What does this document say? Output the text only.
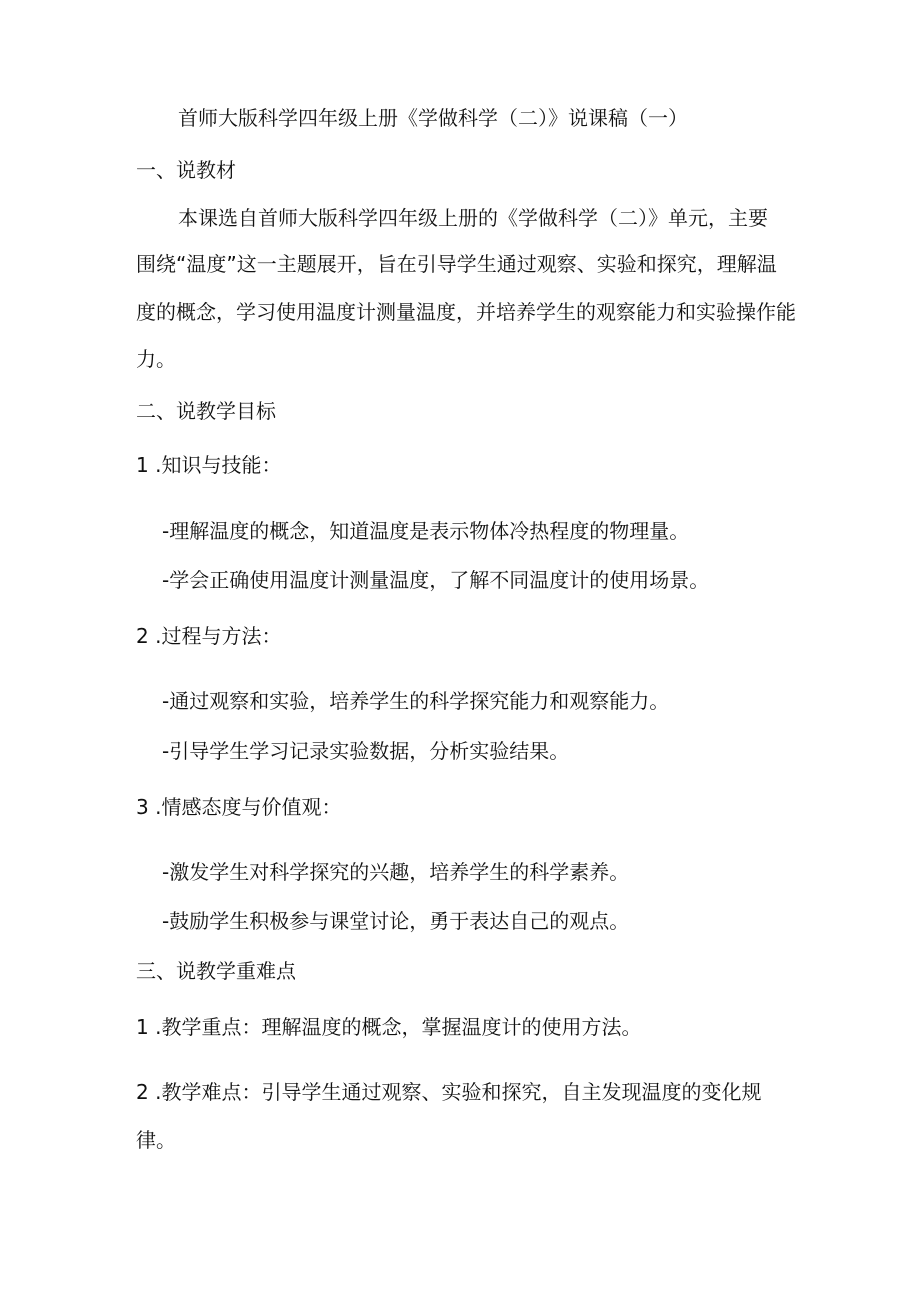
首师大版科学四年级上册《学做科学（二）》说课稿（一）

一、说教材

本课选自首师大版科学四年级上册的《学做科学（二）》单元，主要

围绕“温度”这一主题展开，旨在引导学生通过观察、实验和探究，理解温

度的概念，学习使用温度计测量温度，并培养学生的观察能力和实验操作能

力。

二、说教学目标

1 .知识与技能：

-理解温度的概念，知道温度是表示物体冷热程度的物理量。

-学会正确使用温度计测量温度，了解不同温度计的使用场景。

2 .过程与方法：

-通过观察和实验，培养学生的科学探究能力和观察能力。

-引导学生学习记录实验数据，分析实验结果。

3 .情感态度与价值观：

-激发学生对科学探究的兴趣，培养学生的科学素养。

-鼓励学生积极参与课堂讨论，勇于表达自己的观点。

三、说教学重难点

1 .教学重点：理解温度的概念，掌握温度计的使用方法。

2 .教学难点：引导学生通过观察、实验和探究，自主发现温度的变化规

律。
